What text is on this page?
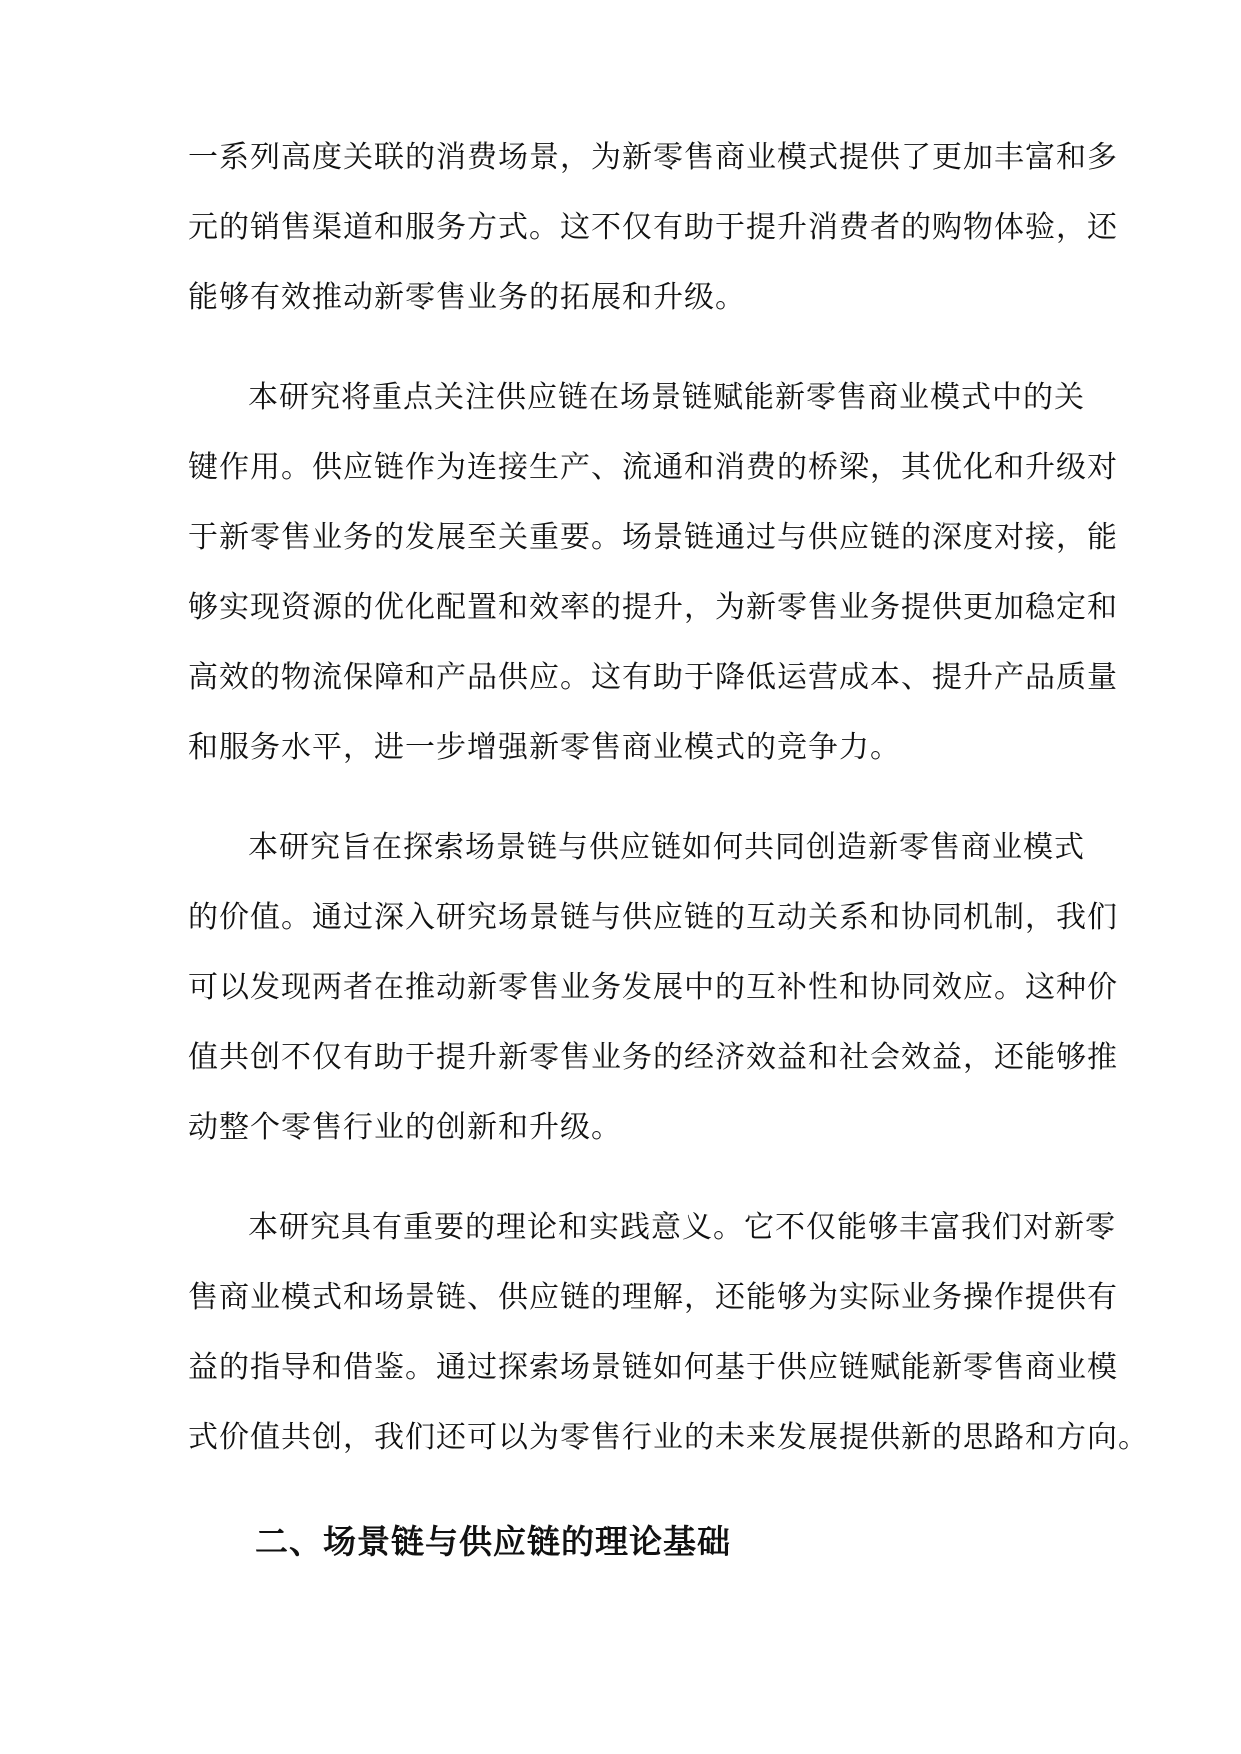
一系列高度关联的消费场景，为新零售商业模式提供了更加丰富和多
元的销售渠道和服务方式。这不仅有助于提升消费者的购物体验，还
能够有效推动新零售业务的拓展和升级。
本研究将重点关注供应链在场景链赋能新零售商业模式中的关
键作用。供应链作为连接生产、流通和消费的桥梁，其优化和升级对
于新零售业务的发展至关重要。场景链通过与供应链的深度对接，能
够实现资源的优化配置和效率的提升，为新零售业务提供更加稳定和
高效的物流保障和产品供应。这有助于降低运营成本、提升产品质量
和服务水平，进一步增强新零售商业模式的竞争力。
本研究旨在探索场景链与供应链如何共同创造新零售商业模式
的价值。通过深入研究场景链与供应链的互动关系和协同机制，我们
可以发现两者在推动新零售业务发展中的互补性和协同效应。这种价
值共创不仅有助于提升新零售业务的经济效益和社会效益，还能够推
动整个零售行业的创新和升级。
本研究具有重要的理论和实践意义。它不仅能够丰富我们对新零
售商业模式和场景链、供应链的理解，还能够为实际业务操作提供有
益的指导和借鉴。通过探索场景链如何基于供应链赋能新零售商业模
式价值共创，我们还可以为零售行业的未来发展提供新的思路和方向。
二、场景链与供应链的理论基础
